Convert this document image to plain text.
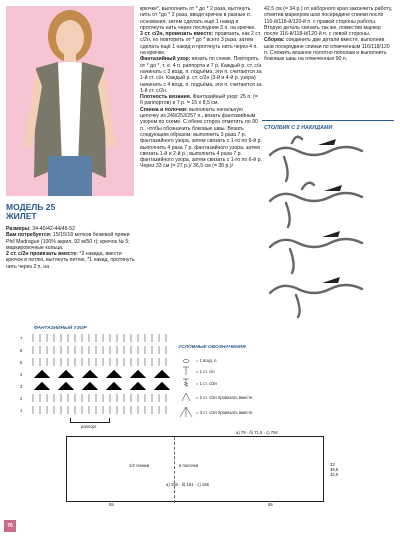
МОДЕЛЬ 25
ЖИЛЕТ

Размеры: 34-40/42-44/46-52

Вам потребуется: 15/15/18 мотков бежевой пряжи Phil Madrague (100% акрил, 92 м/50 г); крючок № 5; маркировочные кольца.

2 ст. с/2н провязать вместе: *2 накида, ввести крючок в петлю, вытянуть петлю, *1 накид, протянуть нить через 2 п. на

крючке*, выполнить от * до * 2 раза, вытянуть нить от *до * 2 раза, вводя крючок в разные п. основания, затем сделать ещё 1 накид и протянуть нить через последние 3 п. на крючке.

3 ст. с/2н, провязать вместе: провязать, как 2 ст. с/2н, но повторить от * до * всего 3 раза, затем сделать ещё 1 накид и протянуть нить через 4 п. на крючке.

Фантазийный узор: вязать по схеме. Повторять от * до *, т. е. 4 п. раппорта и 7 р. Каждый р. ст. с/н начинать с 3 возд. п. подъёма, эти п. считаются за 1-й ст. с/н. Каждый р. ст. с/2н (3-й и 4-й р. узора) начинать с 4 возд. п. подъёма, эти п. считаются за 1-й ст. с/2н.

Плотность вязания. Фантазийный узор: 25 п. (= 6 раппортов) и 7 р. = 15 х 8,5 см.

Спинка и полочки: выполнить начальную цепочку из 249/253/257 п., вязать фантазийным узором по схеме. С обеих сторон отметить по 90 п., чтобы обозначить боковые швы. Вязать следующим образом: выполнить 3 раза 7 р. фантазийного узора, затем связать с 1-го по 6-й р. выполнить 4 раза 7 р. фантазийного узора, затем связать 1-й и 2-й р.; выполнить 4 раза 7 р. фантазийного узора, затем связать с 1-го по 6-й р. Через 33 см (= 27 р.)/ 36,5 см (= 30 р.)/

42,5 см (= 34 р.) от наборного края закончить работу, отметив маркером шов посередине спинки после 116-й/118-й/120-й п. с правой стороны работы. Вторую деталь связать так же, поместив маркер после 116-й/118-й/120-й п. с левой стороны.

Сборка: соединить две детали вместе, выполнив шов посередине спинки по отмеченным 116/118/120 п. Сложить вязаное полотно пополам и выполнить боковые швы на отмеченных 90 п.

СТОЛБИК С 2 НАКИДАМИ
ФАНТАЗИЙНЫЙ УЗОР
7
6
5
4
3
2
1
раппорт
УСЛОВНЫЕ ОБОЗНАЧЕНИЯ
= 1 возд. п.
= 1 ст. с/н
= 1 ст. с/2н
= 2 ст. с/2н провязать вместе
= 3 ст. с/2н провязать вместе
1/2 спинки	и полочки
а) 79 · б) 71,5 · с) 794
а) 156 · б) 161 · с) 156
55	55
33
36,5
42,5
76
